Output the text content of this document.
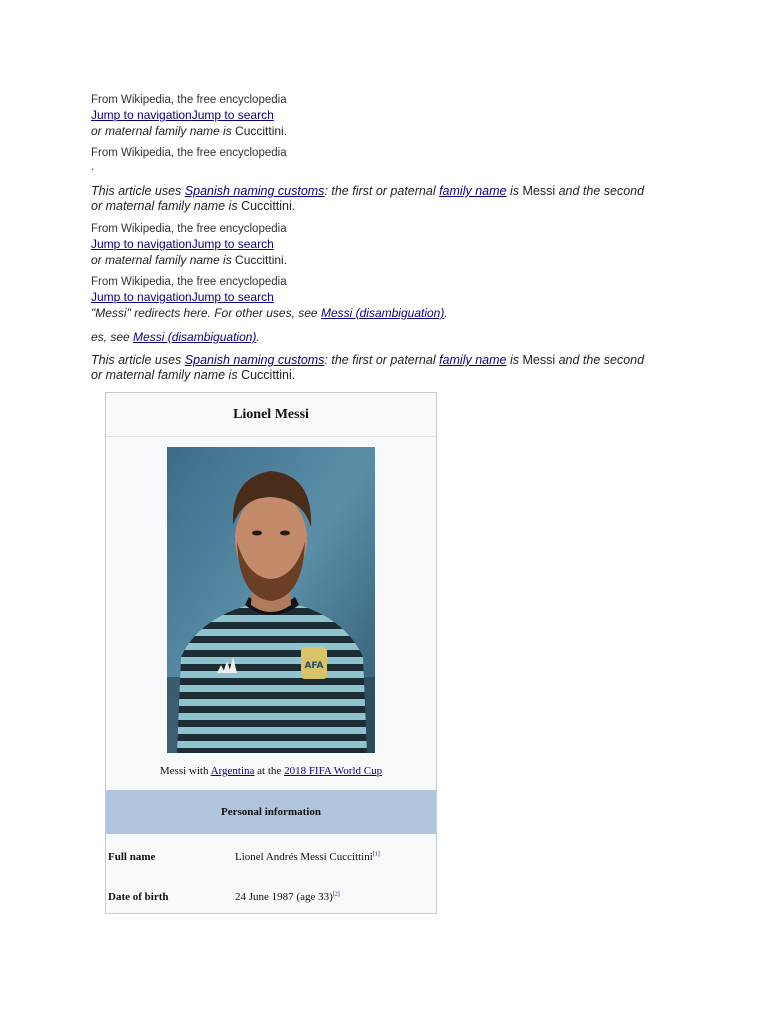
From Wikipedia, the free encyclopedia
Jump to navigationJump to search
or maternal family name is Cuccittini.
From Wikipedia, the free encyclopedia
.
This article uses Spanish naming customs: the first or paternal family name is Messi and the second or maternal family name is Cuccittini.
From Wikipedia, the free encyclopedia
Jump to navigationJump to search
or maternal family name is Cuccittini.
From Wikipedia, the free encyclopedia
Jump to navigationJump to search
"Messi" redirects here. For other uses, see Messi (disambiguation).
es, see Messi (disambiguation).
This article uses Spanish naming customs: the first or paternal family name is Messi and the second or maternal family name is Cuccittini.
Lionel Messi
AFA
Messi with Argentina at the 2018 FIFA World Cup
Personal information
Full name	Lionel Andrés Messi Cuccittini[1]
Date of birth	24 June 1987 (age 33)[2]
